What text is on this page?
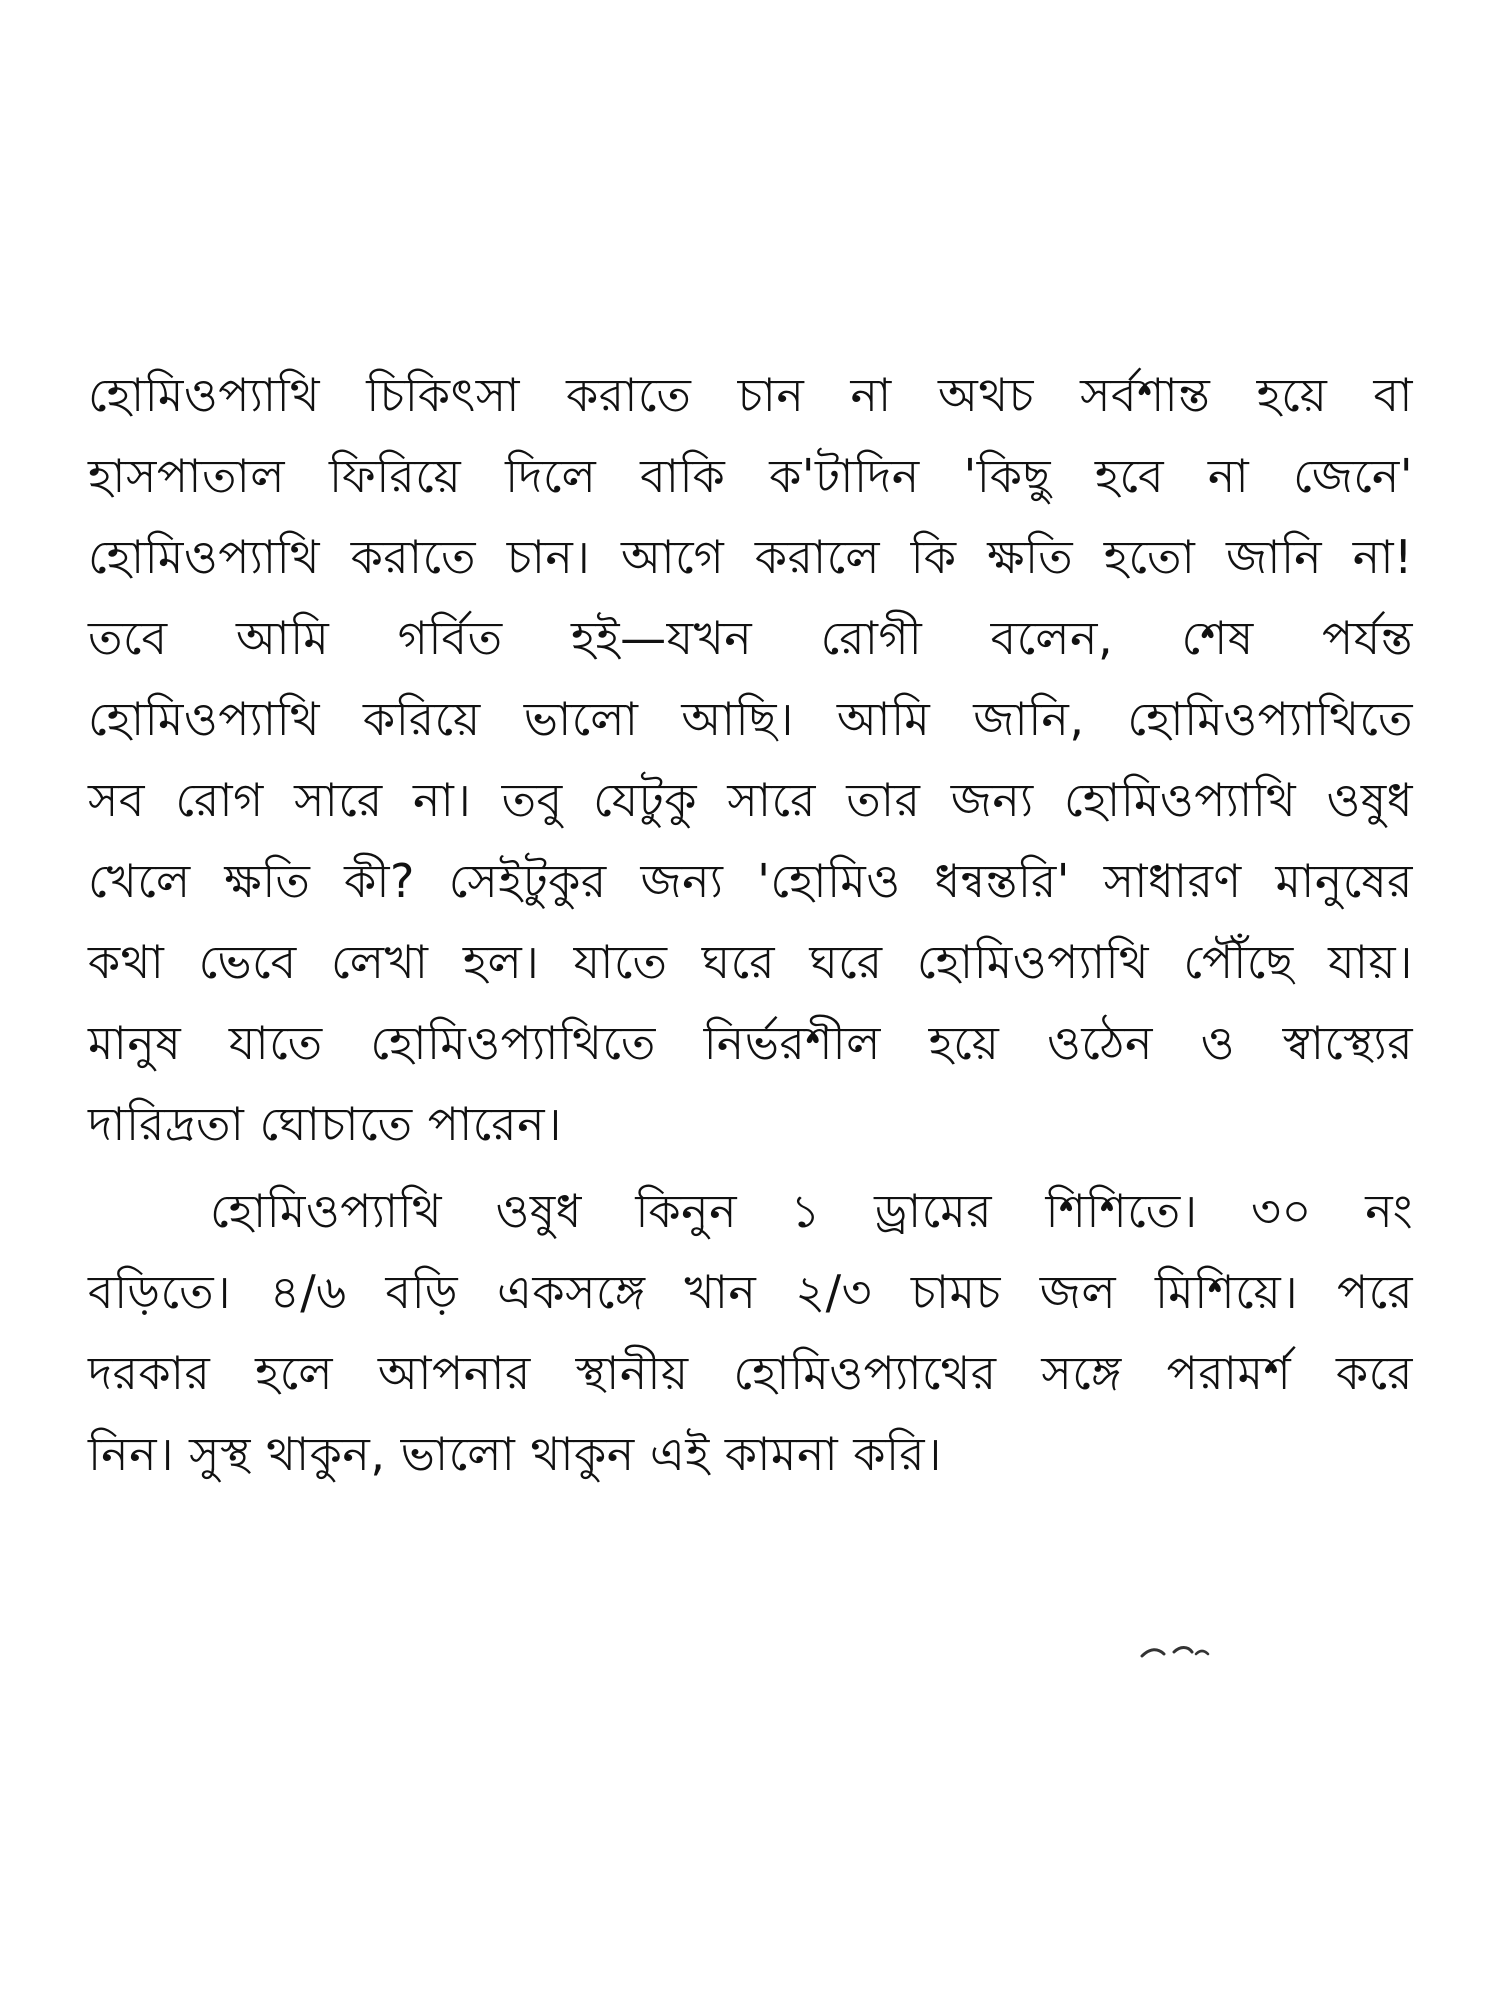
হোমিওপ্যাথি চিকিৎসা করাতে চান না অথচ সর্বশান্ত হয়ে বা
হাসপাতাল ফিরিয়ে দিলে বাকি ক'টাদিন 'কিছু হবে না জেনে'
হোমিওপ্যাথি করাতে চান। আগে করালে কি ক্ষতি হতো জানি না!
তবে আমি গর্বিত হই—যখন রোগী বলেন, শেষ পর্যন্ত
হোমিওপ্যাথি করিয়ে ভালো আছি। আমি জানি, হোমিওপ্যাথিতে
সব রোগ সারে না। তবু যেটুকু সারে তার জন্য হোমিওপ্যাথি ওষুধ
খেলে ক্ষতি কী? সেইটুকুর জন্য 'হোমিও ধন্বন্তরি' সাধারণ মানুষের
কথা ভেবে লেখা হল। যাতে ঘরে ঘরে হোমিওপ্যাথি পৌঁছে যায়।
মানুষ যাতে হোমিওপ্যাথিতে নির্ভরশীল হয়ে ওঠেন ও স্বাস্থ্যের
দারিদ্রতা ঘোচাতে পারেন।
হোমিওপ্যাথি ওষুধ কিনুন ১ ড্রামের শিশিতে। ৩০ নং
বড়িতে। ৪/৬ বড়ি একসঙ্গে খান ২/৩ চামচ জল মিশিয়ে। পরে
দরকার হলে আপনার স্থানীয় হোমিওপ্যাথের সঙ্গে পরামর্শ করে
নিন। সুস্থ থাকুন, ভালো থাকুন এই কামনা করি।
